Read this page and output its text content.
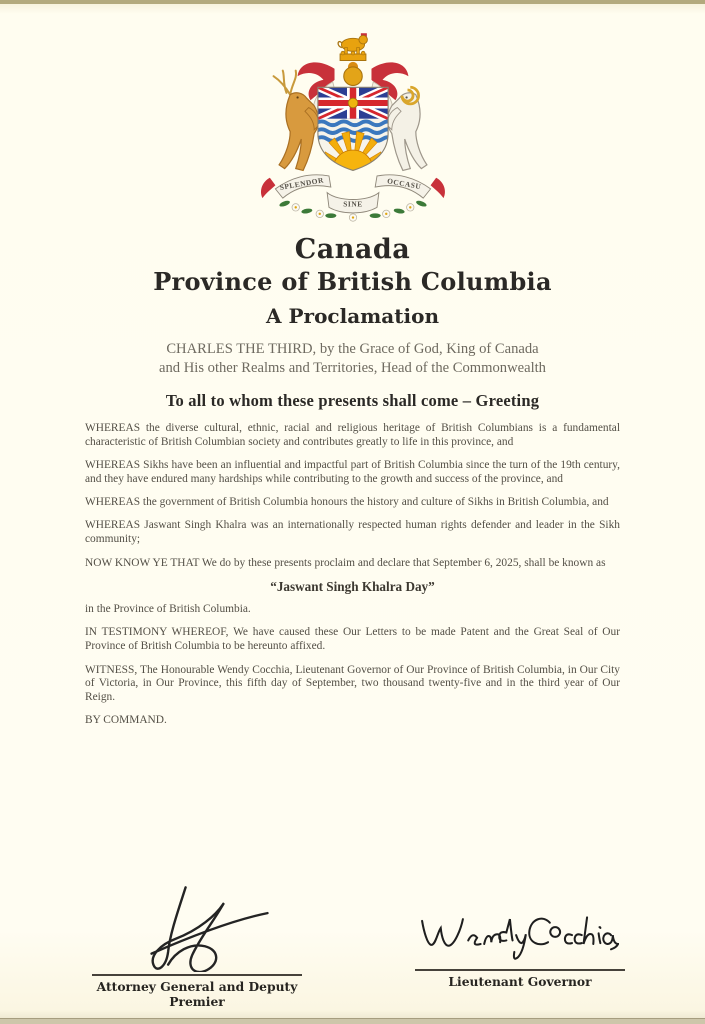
SPLENDOR
SINE
OCCASU
Canada
Province of British Columbia
A Proclamation
CHARLES THE THIRD, by the Grace of God, King of Canada
and His other Realms and Territories, Head of the Commonwealth
To all to whom these presents shall come – Greeting

WHEREAS the diverse cultural, ethnic, racial and religious heritage of British Columbians is a fundamental characteristic of British Columbian society and contributes greatly to life in this province, and

WHEREAS Sikhs have been an influential and impactful part of British Columbia since the turn of the 19th century, and they have endured many hardships while contributing to the growth and success of the province, and

WHEREAS the government of British Columbia honours the history and culture of Sikhs in British Columbia, and

WHEREAS Jaswant Singh Khalra was an internationally respected human rights defender and leader in the Sikh community;

NOW KNOW YE THAT We do by these presents proclaim and declare that September 6, 2025, shall be known as

“Jaswant Singh Khalra Day”

in the Province of British Columbia.

IN TESTIMONY WHEREOF, We have caused these Our Letters to be made Patent and the Great Seal of Our Province of British Columbia to be hereunto affixed.

WITNESS, The Honourable Wendy Cocchia, Lieutenant Governor of Our Province of British Columbia, in Our City of Victoria, in Our Province, this fifth day of September, two thousand twenty-five and in the third year of Our Reign.

BY COMMAND.

Attorney General and Deputy Premier
Lieutenant Governor
